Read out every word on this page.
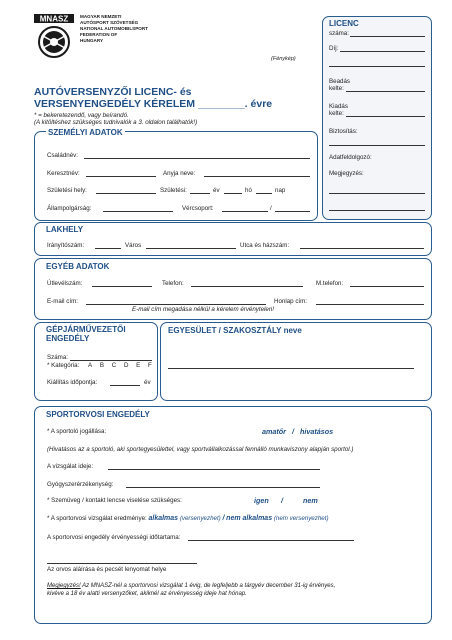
MNASZ	MAGYAR NEMZETI
AUTÓSPORT SZÖVETSÉG
NATIONAL AUTOMOBILSPORT
FEDERATION OF
HUNGARY
(Fénykép)
AUTÓVERSENYZŐI LICENC- és
VERSENYENGEDÉLY KÉRELEM ________. évre
* = bekeretezendő, vagy beírandó.
(A kitöltéshez szükséges tudnivalók a 3. oldalon találhatók!)
LICENC
száma:
Díj:
Beadás
kelte:
Kiadás
kelte:
Biztosítás:
Adatfeldolgozó:
Megjegyzés:
SZEMÉLYI ADATOK
Családnév:
Keresztnév:	Anyja neve:
Születési hely:	Születési:	év	hó	nap
Állampolgárság:	Vércsoport:	/
LAKHELY
Irányítószám:	Város	Utca és házszám:
EGYÉB ADATOK
Útlevélszám:	Telefon:	M.telefon:
E-mail cím:	Honlap cím:
E-mail cím megadása nélkül a kérelem érvénytelen!
GÉPJÁRMŰVEZETŐI
ENGEDÉLY
Száma:
* Kategória: A B C D E F
Kiállítás időpontja:	év
EGYESÜLET / SZAKOSZTÁLY neve
SPORTORVOSI ENGEDÉLY
* A sportoló jogállása:	amatőr   /   hivatásos
(Hivatásos az a sportoló, aki sportegyesülettel, vagy sportvállalkozással fennálló munkaviszony alapján sportol.)
A vizsgálat ideje:
Gyógyszerérzékenység:
* Szemüveg / kontakt lencse viselése szükséges:	igen /	nem
* A sportorvosi vizsgálat eredménye: alkalmas (versenyezhet) / nem alkalmas (nem versenyezhet)
A sportorvosi engedély érvényességi időtartama:
Az orvos aláírása és pecsét lenyomat helye
Megjegyzés! Az MNASZ-nél a sportorvosi vizsgálat 1 évig, de legfeljebb a tárgyév december 31-ig érvényes,
kivéve a 18 év alatti versenyzőket, akiknél az érvényesség ideje hat hónap.
